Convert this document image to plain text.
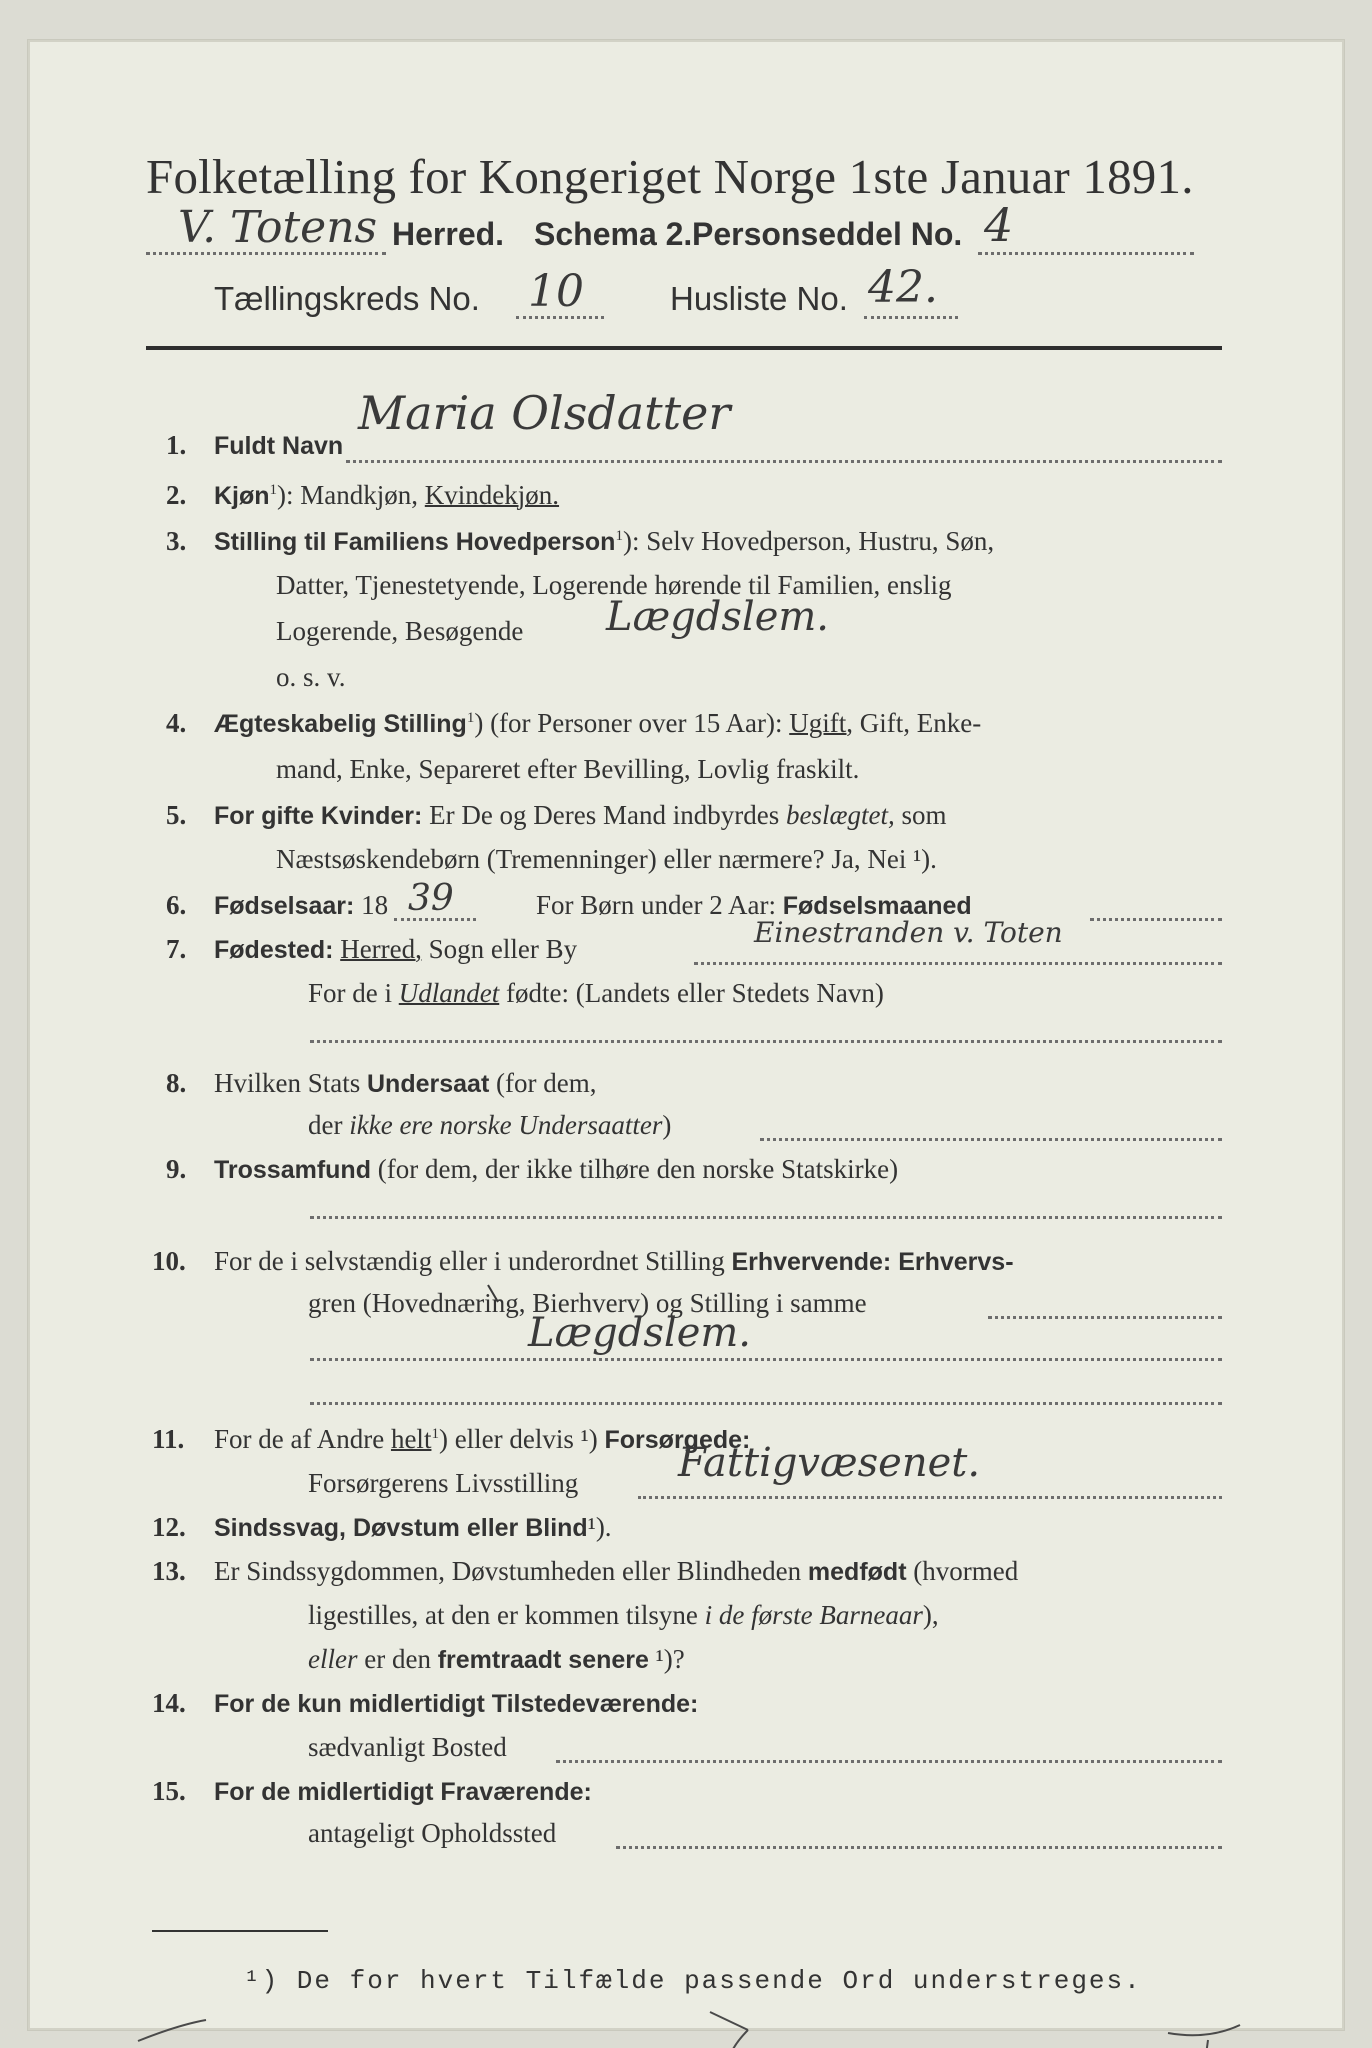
Folketælling for Kongeriget Norge 1ste Januar 1891.
V. Totens Herred. Schema 2. Personseddel No. 4
Tællingskreds No. 10	Husliste No. 42.
1. Fuldt Navn
Maria Olsdatter
2. Kjøn$^1$): Mandkjøn, Kvindekjøn.
3. Stilling til Familiens Hovedperson$^1$): Selv Hovedperson, Hustru, Søn,
Datter, Tjenestetyende, Logerende hørende til Familien, enslig
Logerende, Besøgende Lægdslem.
o. s. v.
4. Ægteskabelig Stilling$^1$) (for Personer over 15 Aar): Ugift, Gift, Enke-
mand, Enke, Separeret efter Bevilling, Lovlig fraskilt.
5. For gifte Kvinder: Er De og Deres Mand indbyrdes beslægtet, som
Næstsøskendebørn (Tremenninger) eller nærmere? Ja, Nei ¹).
6. Fødselsaar: 18 39	For Børn under 2 Aar: Fødselsmaaned
7. Fødested: Herred, Sogn eller By	Einestranden v. Toten
For de i Udlandet fødte: (Landets eller Stedets Navn)
8. Hvilken Stats Undersaat (for dem,
der ikke ere norske Undersaatter)
9. Trossamfund (for dem, der ikke tilhøre den norske Statskirke)
10. For de i selvstændig eller i underordnet Stilling Erhvervende: Erhvervs-
gren (Hovednæring, Bierhverv) og Stilling i samme
Lægdslem.
11. For de af Andre helt$^1$) eller delvis ¹) Forsørgede:
Forsørgerens Livsstilling Fattigvæsenet.
12. Sindssvag, Døvstum eller Blind¹).
13. Er Sindssygdommen, Døvstumheden eller Blindheden medfødt (hvormed
ligestilles, at den er kommen tilsyne i de første Barneaar),
eller er den fremtraadt senere ¹)?
14. For de kun midlertidigt Tilstedeværende:
sædvanligt Bosted
15. For de midlertidigt Fraværende:
antageligt Opholdssted
¹) De for hvert Tilfælde passende Ord understreges.
